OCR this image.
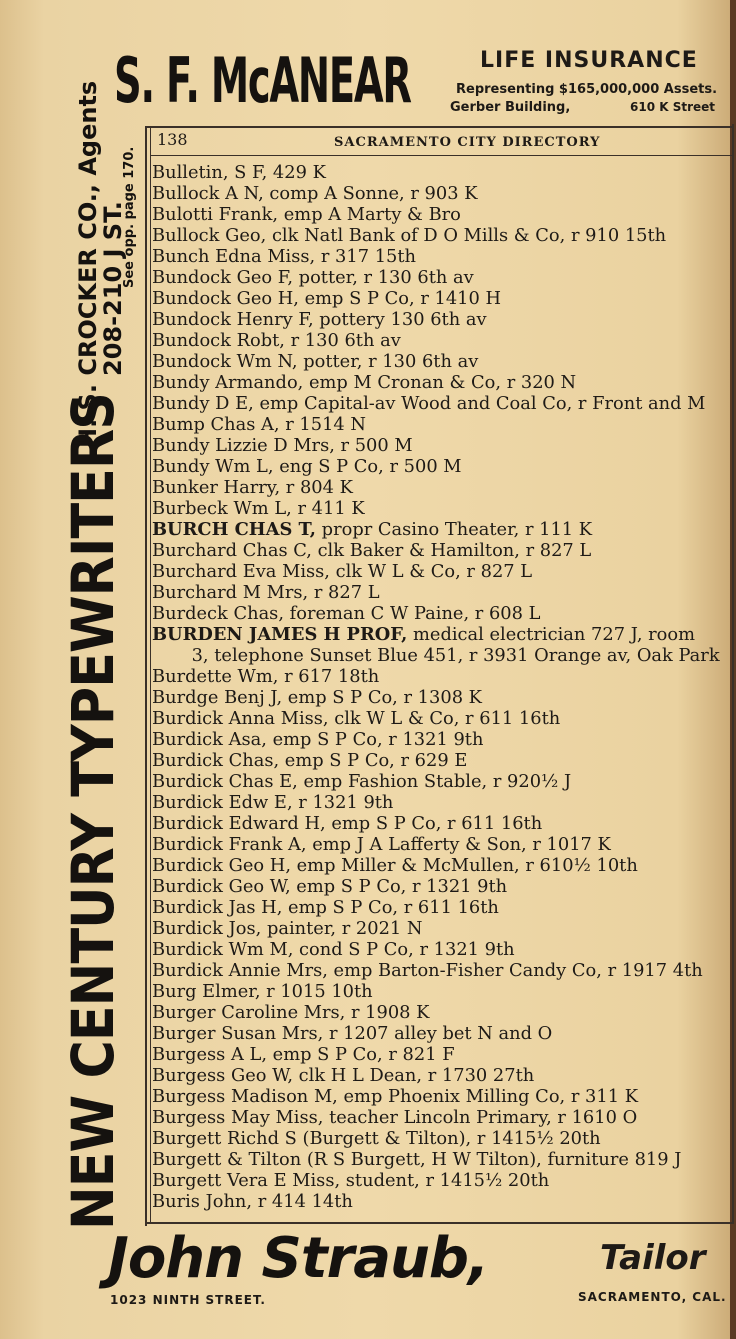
S. F. McANEAR	LIFE INSURANCE
Representing $165,000,000 Assets.
Gerber Building,	610 K Street
NEW CENTURY TYPEWRITERS
H. S. CROCKER CO., Agents
208-210 J ST.
See opp. page 170.
138	SACRAMENTO CITY DIRECTORY
Bulletin, S F, 429 K
Bullock A N, comp A Sonne, r 903 K
Bulotti Frank, emp A Marty & Bro
Bullock Geo, clk Natl Bank of D O Mills & Co, r 910 15th
Bunch Edna Miss, r 317 15th
Bundock Geo F, potter, r 130 6th av
Bundock Geo H, emp S P Co, r 1410 H
Bundock Henry F, pottery 130 6th av
Bundock Robt, r 130 6th av
Bundock Wm N, potter, r 130 6th av
Bundy Armando, emp M Cronan & Co, r 320 N
Bundy D E, emp Capital-av Wood and Coal Co, r Front and M
Bump Chas A, r 1514 N
Bundy Lizzie D Mrs, r 500 M
Bundy Wm L, eng S P Co, r 500 M
Bunker Harry, r 804 K
Burbeck Wm L, r 411 K
BURCH CHAS T, propr Casino Theater, r 111 K
Burchard Chas C, clk Baker & Hamilton, r 827 L
Burchard Eva Miss, clk W L & Co, r 827 L
Burchard M Mrs, r 827 L
Burdeck Chas, foreman C W Paine, r 608 L
BURDEN JAMES H PROF, medical electrician 727 J, room
3, telephone Sunset Blue 451, r 3931 Orange av, Oak Park
Burdette Wm, r 617 18th
Burdge Benj J, emp S P Co, r 1308 K
Burdick Anna Miss, clk W L & Co, r 611 16th
Burdick Asa, emp S P Co, r 1321 9th
Burdick Chas, emp S P Co, r 629 E
Burdick Chas E, emp Fashion Stable, r 920½ J
Burdick Edw E, r 1321 9th
Burdick Edward H, emp S P Co, r 611 16th
Burdick Frank A, emp J A Lafferty & Son, r 1017 K
Burdick Geo H, emp Miller & McMullen, r 610½ 10th
Burdick Geo W, emp S P Co, r 1321 9th
Burdick Jas H, emp S P Co, r 611 16th
Burdick Jos, painter, r 2021 N
Burdick Wm M, cond S P Co, r 1321 9th
Burdick Annie Mrs, emp Barton-Fisher Candy Co, r 1917 4th
Burg Elmer, r 1015 10th
Burger Caroline Mrs, r 1908 K
Burger Susan Mrs, r 1207 alley bet N and O
Burgess A L, emp S P Co, r 821 F
Burgess Geo W, clk H L Dean, r 1730 27th
Burgess Madison M, emp Phoenix Milling Co, r 311 K
Burgess May Miss, teacher Lincoln Primary, r 1610 O
Burgett Richd S (Burgett & Tilton), r 1415½ 20th
Burgett & Tilton (R S Burgett, H W Tilton), furniture 819 J
Burgett Vera E Miss, student, r 1415½ 20th
Buris John, r 414 14th
John Straub,	Tailor
1023 NINTH STREET.	SACRAMENTO, CAL.
